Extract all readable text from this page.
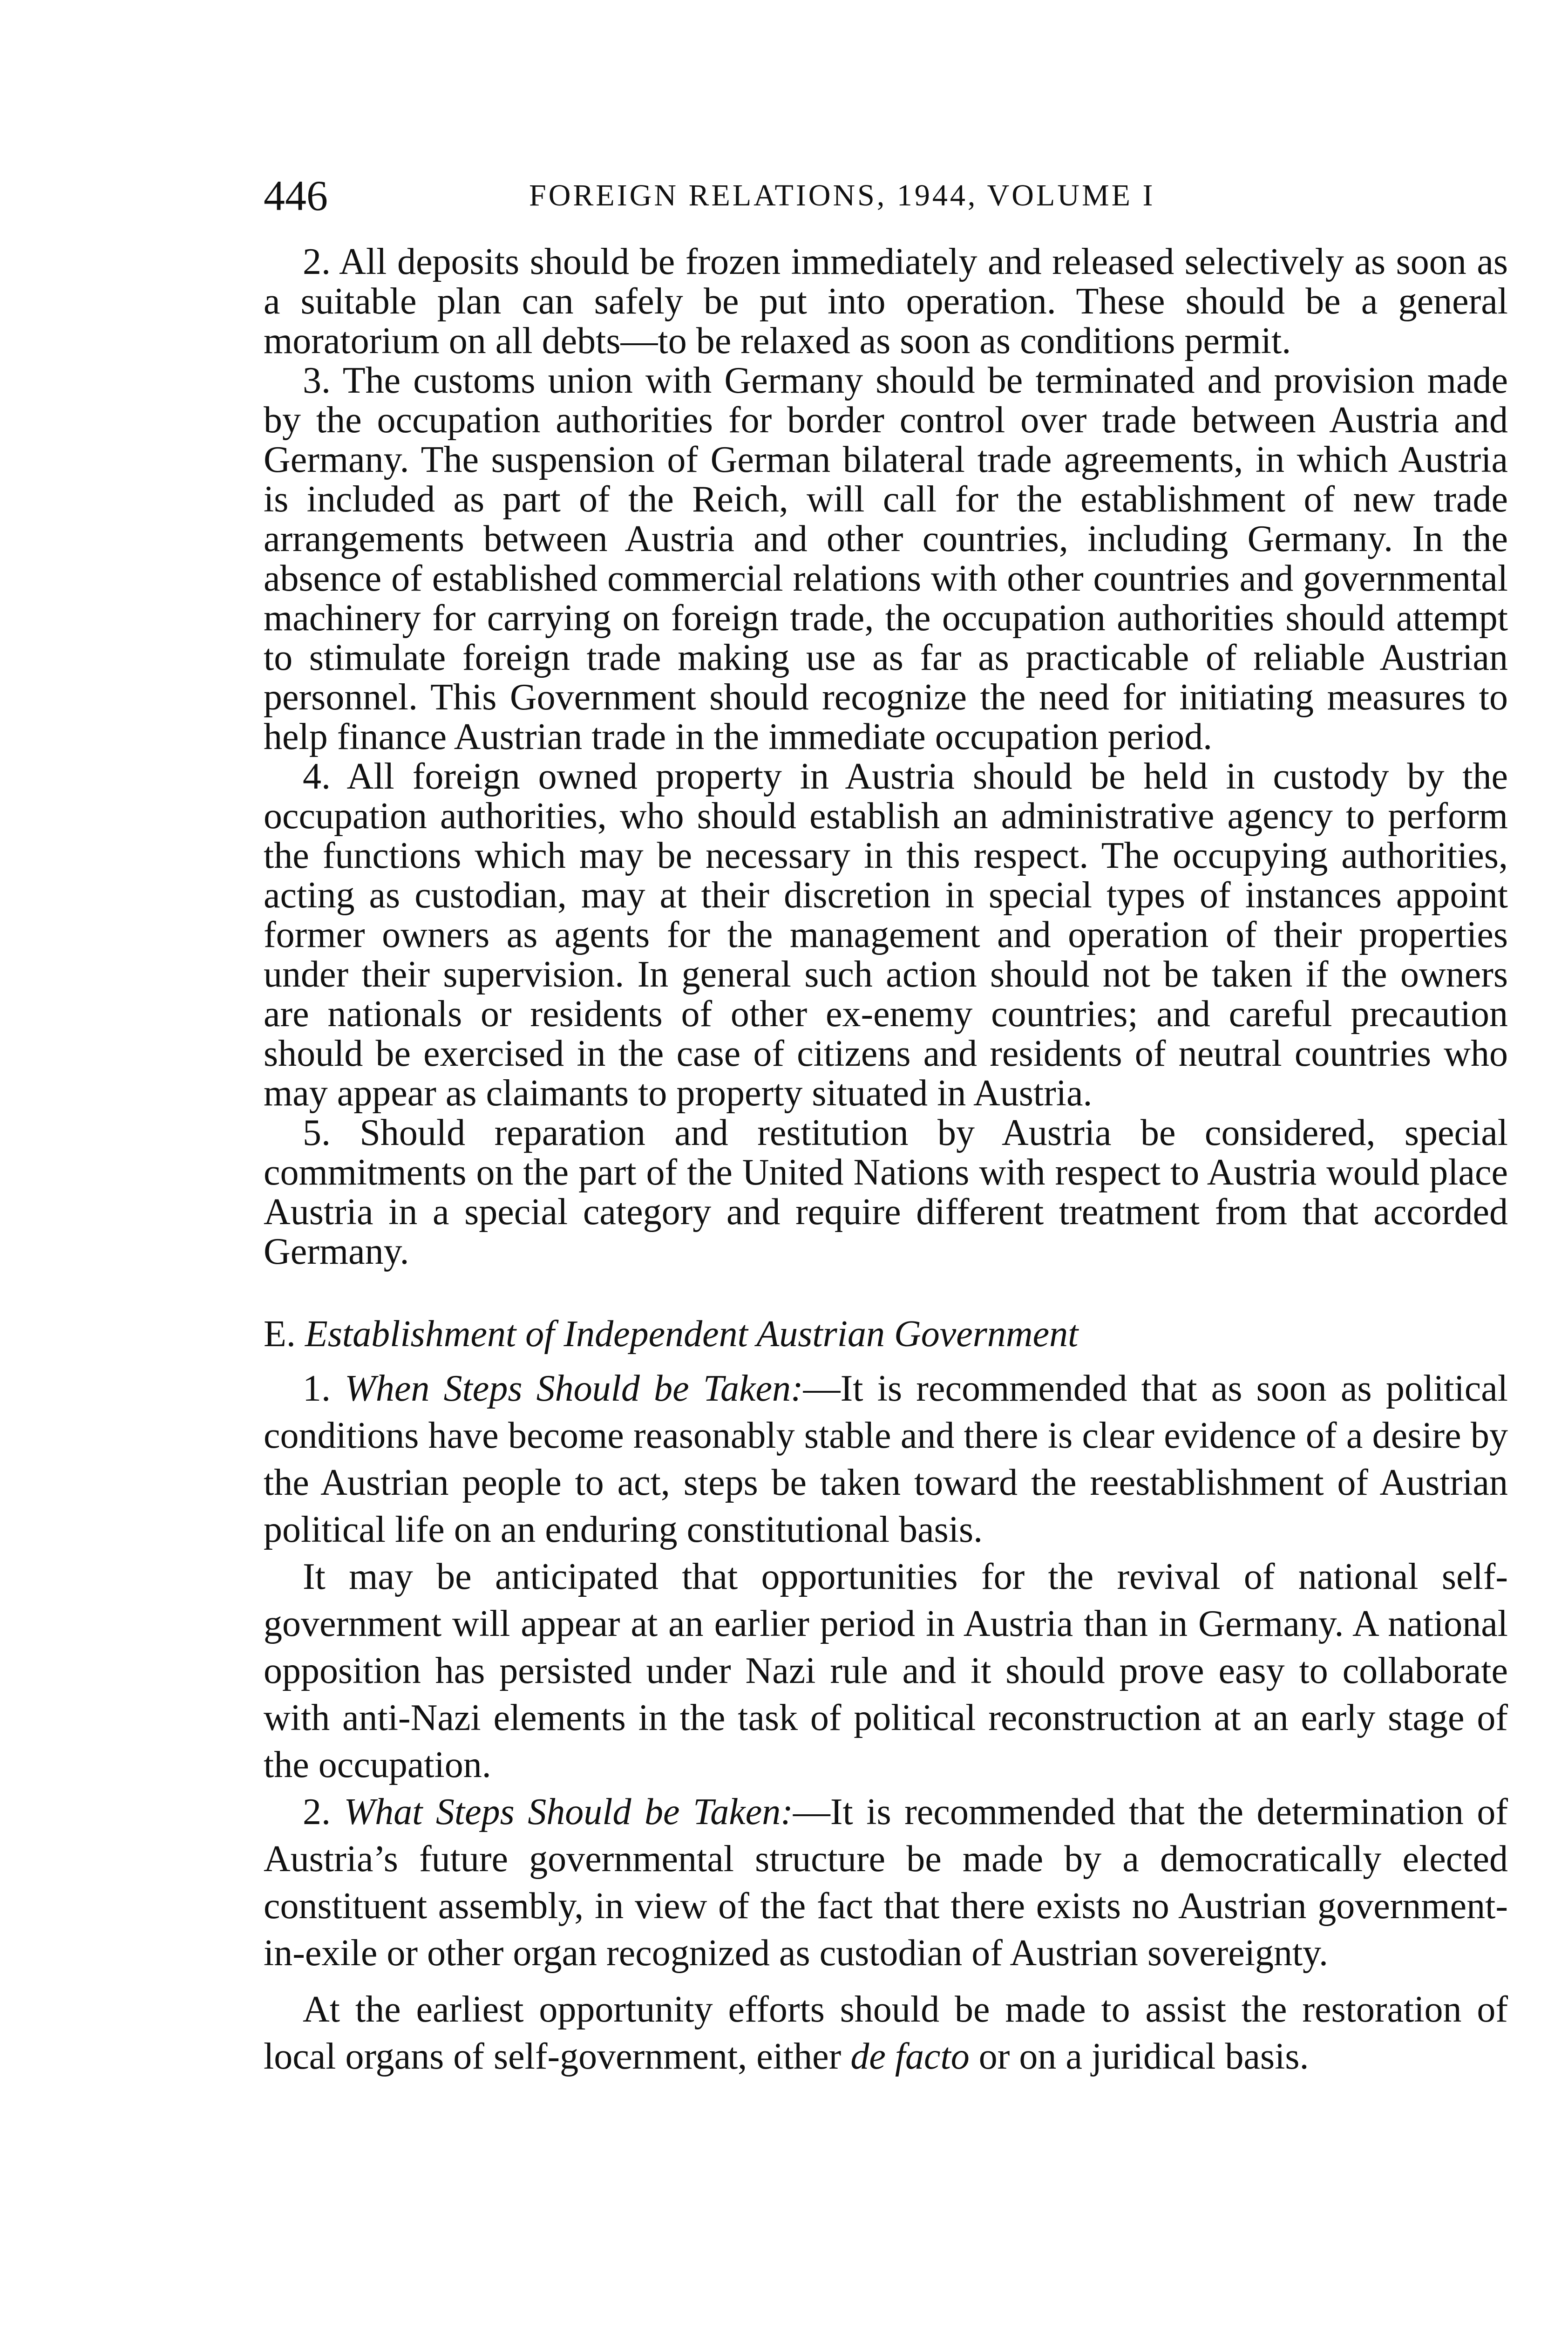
446	FOREIGN RELATIONS, 1944, VOLUME I

2. All deposits should be frozen immediately and released selectively as soon as a suitable plan can safely be put into operation. These should be a general moratorium on all debts—to be relaxed as soon as conditions permit.

3. The customs union with Germany should be terminated and provision made by the occupation authorities for border control over trade between Austria and Germany. The suspension of German bilateral trade agreements, in which Austria is included as part of the Reich, will call for the establishment of new trade arrangements between Austria and other countries, including Germany. In the absence of established commercial relations with other countries and governmental machinery for carrying on foreign trade, the occupation authorities should attempt to stimulate foreign trade making use as far as practicable of reliable Austrian personnel. This Government should recognize the need for initiating measures to help finance Austrian trade in the immediate occupation period.

4. All foreign owned property in Austria should be held in custody by the occupation authorities, who should establish an administrative agency to perform the functions which may be necessary in this respect. The occupying authorities, acting as custodian, may at their discretion in special types of instances appoint former owners as agents for the management and operation of their properties under their supervision. In general such action should not be taken if the owners are nationals or residents of other ex-enemy countries; and careful precaution should be exercised in the case of citizens and residents of neutral countries who may appear as claimants to property situated in Austria.

5. Should reparation and restitution by Austria be considered, special commitments on the part of the United Nations with respect to Austria would place Austria in a special category and require different treatment from that accorded Germany.

E. Establishment of Independent Austrian Government

1. When Steps Should be Taken:—It is recommended that as soon as political conditions have become reasonably stable and there is clear evidence of a desire by the Austrian people to act, steps be taken toward the reestablishment of Austrian political life on an enduring constitutional basis.

It may be anticipated that opportunities for the revival of national self-government will appear at an earlier period in Austria than in Germany. A national opposition has persisted under Nazi rule and it should prove easy to collaborate with anti-Nazi elements in the task of political reconstruction at an early stage of the occupation.

2. What Steps Should be Taken:—It is recommended that the determination of Austria’s future governmental structure be made by a democratically elected constituent assembly, in view of the fact that there exists no Austrian government-in-exile or other organ recognized as custodian of Austrian sovereignty.

At the earliest opportunity efforts should be made to assist the restoration of local organs of self-government, either de facto or on a juridical basis.
